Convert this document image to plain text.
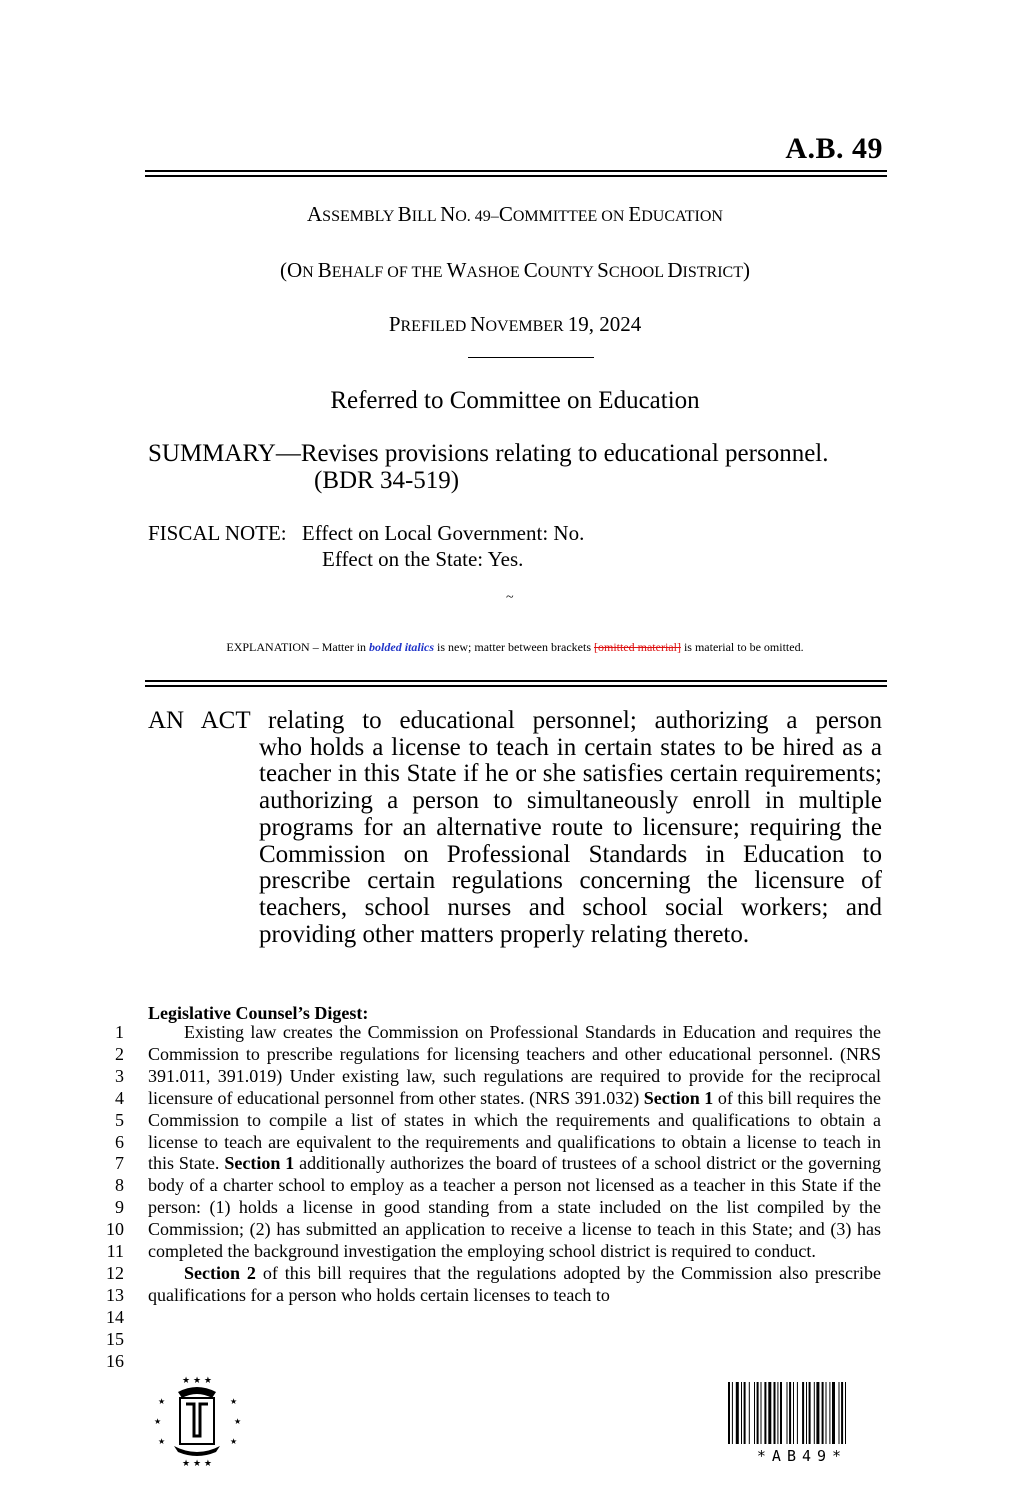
A.B. 49
ASSEMBLY BILL NO. 49–COMMITTEE ON EDUCATION
(ON BEHALF OF THE WASHOE COUNTY SCHOOL DISTRICT)
PREFILED NOVEMBER 19, 2024
Referred to Committee on Education
SUMMARY—Revises provisions relating to educational personnel.
(BDR 34-519)
FISCAL NOTE: Effect on Local Government: No.
Effect on the State: Yes.
~
EXPLANATION – Matter in bolded italics is new; matter between brackets [omitted material] is material to be omitted.
AN ACT relating to educational personnel; authorizing a person
who holds a license to teach in certain states to be hired as a teacher in this State if he or she satisfies certain requirements; authorizing a person to simultaneously enroll in multiple programs for an alternative route to licensure; requiring the Commission on Professional Standards in Education to prescribe certain regulations concerning the licensure of teachers, school nurses and school social workers; and providing other matters properly relating thereto.
Legislative Counsel’s Digest:
1
2
3
4
5
6
7
8
9
10
11
12
13
14
15
16

Existing law creates the Commission on Professional Standards in Education and requires the Commission to prescribe regulations for licensing teachers and other educational personnel. (NRS 391.011, 391.019) Under existing law, such regulations are required to provide for the reciprocal licensure of educational personnel from other states. (NRS 391.032) Section 1 of this bill requires the Commission to compile a list of states in which the requirements and qualifications to obtain a license to teach are equivalent to the requirements and qualifications to obtain a license to teach in this State. Section 1 additionally authorizes the board of trustees of a school district or the governing body of a charter school to employ as a teacher a person not licensed as a teacher in this State if the person: (1) holds a license in good standing from a state included on the list compiled by the Commission; (2) has submitted an application to receive a license to teach in this State; and (3) has completed the background investigation the employing school district is required to conduct.

Section 2 of this bill requires that the regulations adopted by the Commission also prescribe qualifications for a person who holds certain licenses to teach to

★ ★ ★
★	★
★	★
★	★
★ ★ ★	*AB49*
